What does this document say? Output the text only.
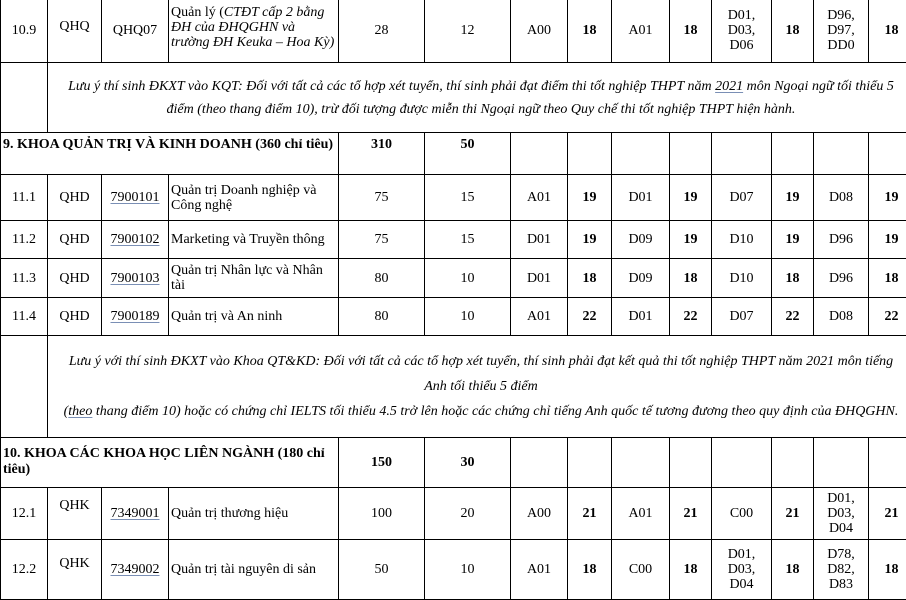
10.9	QHQ	QHQ07	Quản lý (CTĐT cấp 2 bằng ĐH của ĐHQGHN và trường ĐH Keuka – Hoa Kỳ)	28	12	A00	18	A01	18	D01, D03, D06	18	D96, D97, DD0	18
	Lưu ý thí sinh ĐKXT vào KQT: Đối với tất cả các tổ hợp xét tuyển, thí sinh phải đạt điểm thi tốt nghiệp THPT năm 2021 môn Ngoại ngữ tối thiểu 5 điểm (theo thang điểm 10), trừ đối tượng được miễn thi Ngoại ngữ theo Quy chế thi tốt nghiệp THPT hiện hành.												
9. KHOA QUẢN TRỊ VÀ KINH DOANH (360 chỉ tiêu)				310	50								
11.1	QHD	7900101	Quản trị Doanh nghiệp và Công nghệ	75	15	A01	19	D01	19	D07	19	D08	19
11.2	QHD	7900102	Marketing và Truyền thông	75	15	D01	19	D09	19	D10	19	D96	19
11.3	QHD	7900103	Quản trị Nhân lực và Nhân tài	80	10	D01	18	D09	18	D10	18	D96	18
11.4	QHD	7900189	Quản trị và An ninh	80	10	A01	22	D01	22	D07	22	D08	22
	Lưu ý với thí sinh ĐKXT vào Khoa QT&KD: Đối với tất cả các tổ hợp xét tuyển, thí sinh phải đạt kết quả thi tốt nghiệp THPT năm 2021 môn tiếng Anh tối thiểu 5 điểm
(theo thang điểm 10) hoặc có chứng chỉ IELTS tối thiểu 4.5 trở lên hoặc các chứng chỉ tiếng Anh quốc tế tương đương theo quy định của ĐHQGHN.												
10. KHOA CÁC KHOA HỌC LIÊN NGÀNH (180 chỉ tiêu)				150	30								
12.1	QHK	7349001	Quản trị thương hiệu	100	20	A00	21	A01	21	C00	21	D01, D03, D04	21
12.2	QHK	7349002	Quản trị tài nguyên di sản	50	10	A01	18	C00	18	D01, D03, D04	18	D78, D82, D83	18
